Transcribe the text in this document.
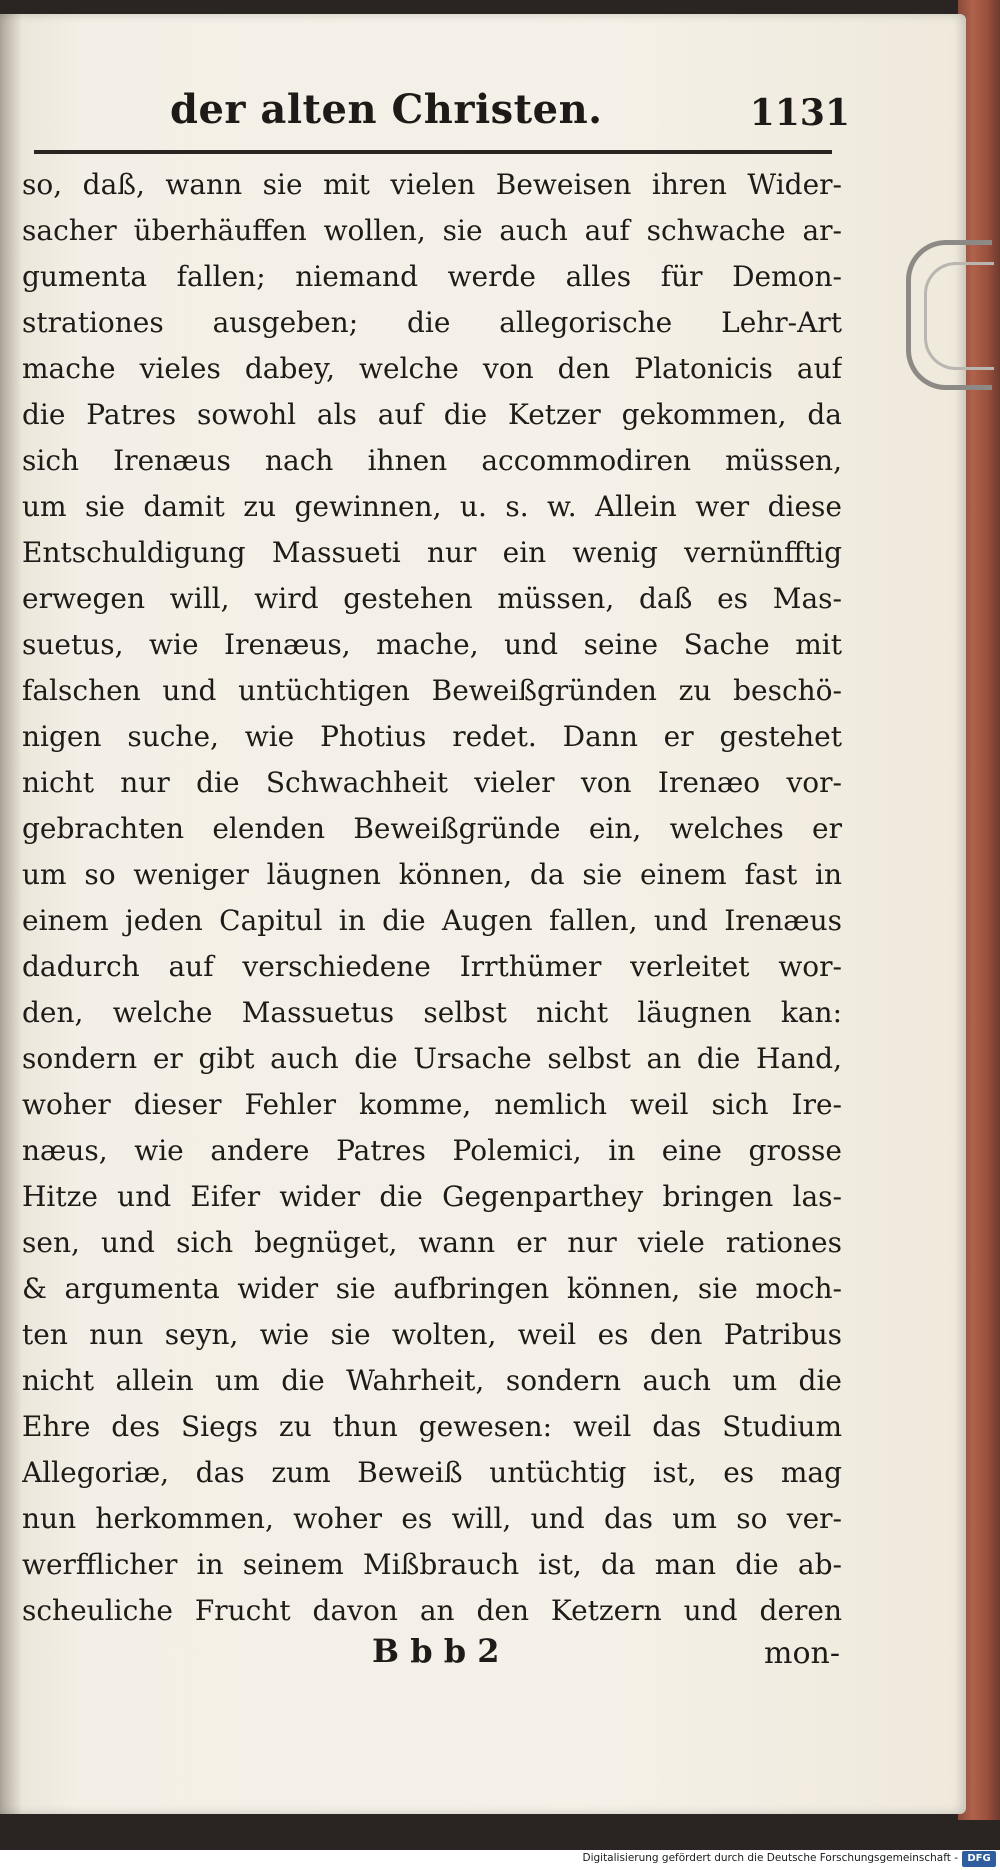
der alten Christen.	1131
so, daß, wann sie mit vielen Beweisen ihren Wider-
sacher überhäuffen wollen, sie auch auf schwache ar-
gumenta fallen; niemand werde alles für Demon-
strationes ausgeben; die allegorische Lehr-Art
mache vieles dabey, welche von den Platonicis auf
die Patres sowohl als auf die Ketzer gekommen, da
sich Irenæus nach ihnen accommodiren müssen,
um sie damit zu gewinnen, u. s. w. Allein wer diese
Entschuldigung Massueti nur ein wenig vernünfftig
erwegen will, wird gestehen müssen, daß es Mas-
suetus, wie Irenæus, mache, und seine Sache mit
falschen und untüchtigen Beweißgründen zu beschö-
nigen suche, wie Photius redet. Dann er gestehet
nicht nur die Schwachheit vieler von Irenæo vor-
gebrachten elenden Beweißgründe ein, welches er
um so weniger läugnen können, da sie einem fast in
einem jeden Capitul in die Augen fallen, und Irenæus
dadurch auf verschiedene Irrthümer verleitet wor-
den, welche Massuetus selbst nicht läugnen kan:
sondern er gibt auch die Ursache selbst an die Hand,
woher dieser Fehler komme, nemlich weil sich Ire-
næus, wie andere Patres Polemici, in eine grosse
Hitze und Eifer wider die Gegenparthey bringen las-
sen, und sich begnüget, wann er nur viele rationes
& argumenta wider sie aufbringen können, sie moch-
ten nun seyn, wie sie wolten, weil es den Patribus
nicht allein um die Wahrheit, sondern auch um die
Ehre des Siegs zu thun gewesen: weil das Studium
Allegoriæ, das zum Beweiß untüchtig ist, es mag
nun herkommen, woher es will, und das um so ver-
werfflicher in seinem Mißbrauch ist, da man die ab-
scheuliche Frucht davon an den Ketzern und deren
B b b 2	mon-
Digitalisierung gefördert durch die Deutsche Forschungsgemeinschaft - DFG
